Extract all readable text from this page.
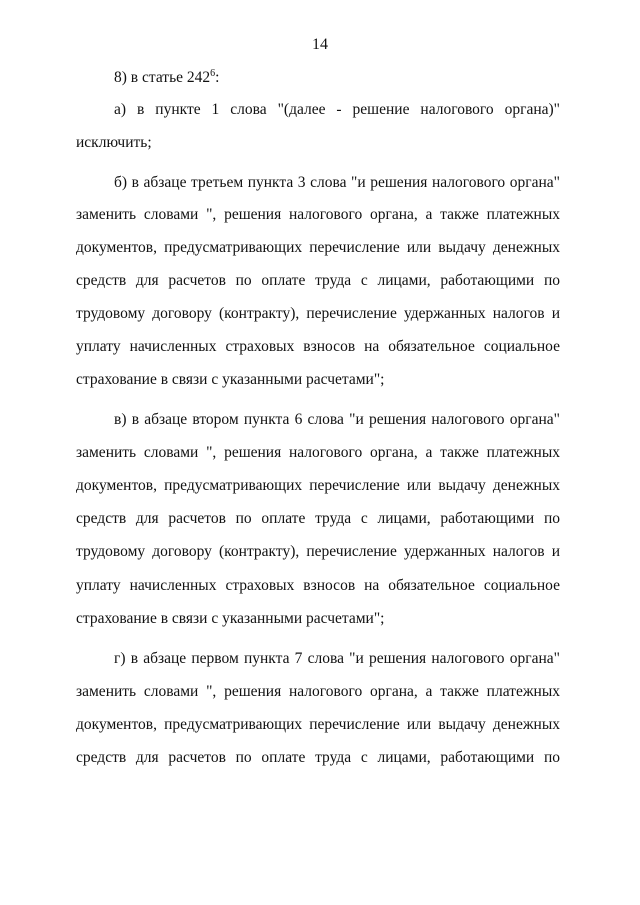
14
8) в статье $242^6$:
а) в пункте 1 слова "(далее - решение налогового органа)"
исключить;
б) в абзаце третьем пункта 3 слова "и решения налогового органа"
заменить словами ", решения налогового органа, а также платежных
документов, предусматривающих перечисление или выдачу денежных
средств для расчетов по оплате труда с лицами, работающими по
трудовому договору (контракту), перечисление удержанных налогов и
уплату начисленных страховых взносов на обязательное социальное
страхование в связи с указанными расчетами";
в) в абзаце втором пункта 6 слова "и решения налогового органа"
заменить словами ", решения налогового органа, а также платежных
документов, предусматривающих перечисление или выдачу денежных
средств для расчетов по оплате труда с лицами, работающими по
трудовому договору (контракту), перечисление удержанных налогов и
уплату начисленных страховых взносов на обязательное социальное
страхование в связи с указанными расчетами";
г) в абзаце первом пункта 7 слова "и решения налогового органа"
заменить словами ", решения налогового органа, а также платежных
документов, предусматривающих перечисление или выдачу денежных
средств для расчетов по оплате труда с лицами, работающими по
